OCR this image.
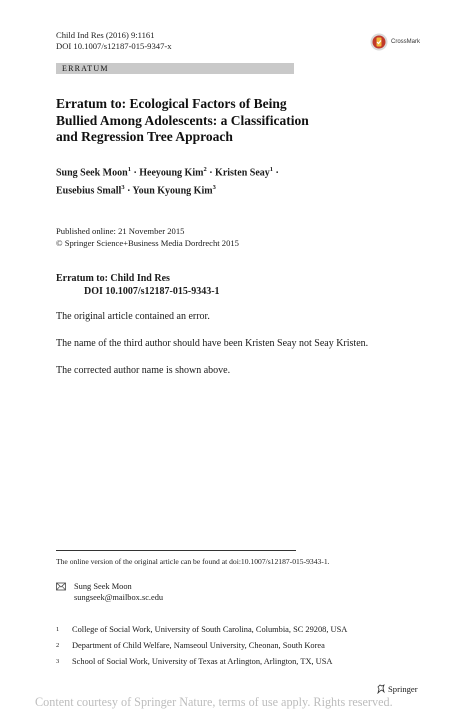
Child Ind Res (2016) 9:1161
DOI 10.1007/s12187-015-9347-x	CrossMark
ERRATUM
Erratum to: Ecological Factors of Being
Bullied Among Adolescents: a Classification
and Regression Tree Approach
Sung Seek Moon$^1$ · Heeyoung Kim$^2$ · Kristen Seay$^1$ ·
Eusebius Small$^3$ · Youn Kyoung Kim$^3$
Published online: 21 November 2015
© Springer Science+Business Media Dordrecht 2015
Erratum to: Child Ind Res
DOI 10.1007/s12187-015-9343-1
The original article contained an error.
The name of the third author should have been Kristen Seay not Seay Kristen.
The corrected author name is shown above.
The online version of the original article can be found at doi:10.1007/s12187-015-9343-1.
Sung Seek Moon
sungseek@mailbox.sc.edu
1	College of Social Work, University of South Carolina, Columbia, SC 29208, USA
2	Department of Child Welfare, Namseoul University, Cheonan, South Korea
3	School of Social Work, University of Texas at Arlington, Arlington, TX, USA
Springer
Content courtesy of Springer Nature, terms of use apply. Rights reserved.
